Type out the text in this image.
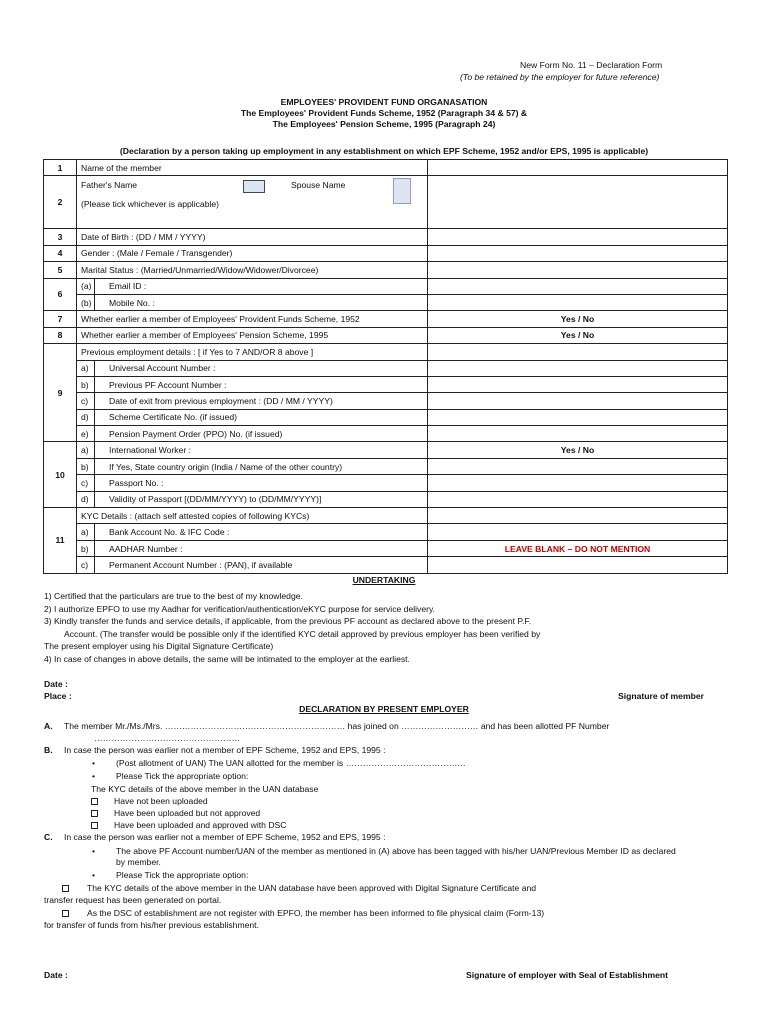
New Form No. 11 – Declaration Form
(To be retained by the employer for future reference)
EMPLOYEES' PROVIDENT FUND ORGANASATION
The Employees' Provident Funds Scheme, 1952 (Paragraph 34 & 57) &
The Employees' Pension Scheme, 1995 (Paragraph 24)
(Declaration by a person taking up employment in any establishment on which EPF Scheme, 1952 and/or EPS, 1995 is applicable)
1	Name of the member		
2	Father's Name Spouse Name
(Please tick whichever is applicable)		

3	Date of Birth : (DD / MM / YYYY)		
4	Gender : (Male / Female / Transgender)		
5	Marital Status : (Married/Unmarried/Widow/Widower/Divorcee)		
6	(a)	Email ID :	
	(b)	Mobile No. :	
7	Whether earlier a member of Employees' Provident Funds Scheme, 1952		Yes / No
8	Whether earlier a member of Employees' Pension Scheme, 1995		Yes / No
9	Previous employment details : [ if Yes to 7 AND/OR 8 above ]		
	a)	Universal Account Number :	
	b)	Previous PF Account Number :	
	c)	Date of exit from previous employment : (DD / MM / YYYY)	
	d)	Scheme Certificate No. (if issued)	
	e)	Pension Payment Order (PPO) No. (if issued)	
10	a)	International Worker :	Yes / No
	b)	If Yes, State country origin (India / Name of the other country)	
	c)	Passport No. :	
	d)	Validity of Passport [(DD/MM/YYYY) to (DD/MM/YYYY)]	
11	KYC Details : (attach self attested copies of following KYCs)		
	a)	Bank Account No. & IFC Code :	
	b)	AADHAR Number :	LEAVE BLANK – DO NOT MENTION
	c)	Permanent Account Number : (PAN), if available	
UNDERTAKING
1) Certified that the particulars are true to the best of my knowledge.
2) I authorize EPFO to use my Aadhar for verification/authentication/eKYC purpose for service delivery.
3) Kindly transfer the funds and service details, if applicable, from the previous PF account as declared above to the present P.F.
Account. (The transfer would be possible only if the identified KYC detail approved by previous employer has been verified by
The present employer using his Digital Signature Certificate)
4) In case of changes in above details, the same will be intimated to the employer at the earliest.
Date :
Place :	Signature of member
DECLARATION BY PRESENT EMPLOYER
A. The member Mr./Ms./Mrs. ……………………………………………………… has joined on ……………………… and has been allotted PF Number
……………………………………………
B. In case the person was earlier not a member of EPF Scheme, 1952 and EPS, 1995 :
• (Post allotment of UAN) The UAN allotted for the member is ……………………………………
• Please Tick the appropriate option:
The KYC details of the above member in the UAN database
Have not been uploaded
Have been uploaded but not approved
Have been uploaded and approved with DSC
C. In case the person was earlier not a member of EPF Scheme, 1952 and EPS, 1995 :
• The above PF Account number/UAN of the member as mentioned in (A) above has been tagged with his/her UAN/Previous Member ID as declared
by member.
• Please Tick the appropriate option:
The KYC details of the above member in the UAN database have been approved with Digital Signature Certificate and
transfer request has been generated on portal.
As the DSC of establishment are not register with EPFO, the member has been informed to file physical claim (Form-13)
for transfer of funds from his/her previous establishment.
Date :	Signature of employer with Seal of Establishment
